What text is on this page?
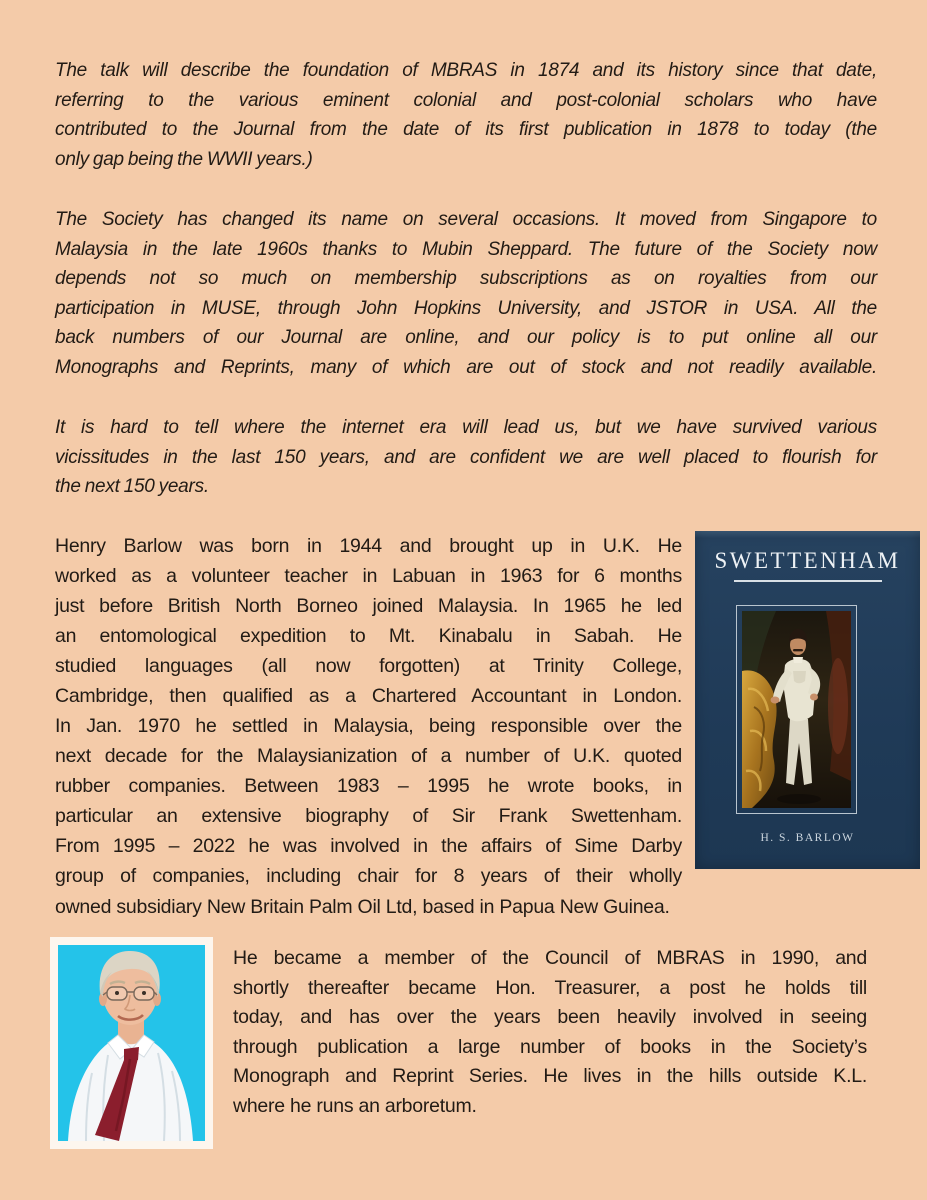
The talk will describe the foundation of MBRAS in 1874 and its history since that date,
referring to the various eminent colonial and post-colonial scholars who have
contributed to the Journal from the date of its first publication in 1878 to today (the
only gap being the WWII years.)
The Society has changed its name on several occasions. It moved from Singapore to
Malaysia in the late 1960s thanks to Mubin Sheppard. The future of the Society now
depends not so much on membership subscriptions as on royalties from our
participation in MUSE, through John Hopkins University, and JSTOR in USA. All the
back numbers of our Journal are online, and our policy is to put online all our
Monographs and Reprints, many of which are out of stock and not readily available.
It is hard to tell where the internet era will lead us, but we have survived various
vicissitudes in the last 150 years, and are confident we are well placed to flourish for
the next 150 years.
Henry Barlow was born in 1944 and brought up in U.K. He
worked as a volunteer teacher in Labuan in 1963 for 6 months
just before British North Borneo joined Malaysia. In 1965 he led
an entomological expedition to Mt. Kinabalu in Sabah. He
studied languages (all now forgotten) at Trinity College,
Cambridge, then qualified as a Chartered Accountant in London.
In Jan. 1970 he settled in Malaysia, being responsible over the
next decade for the Malaysianization of a number of U.K. quoted
rubber companies. Between 1983 – 1995 he wrote books, in
particular an extensive biography of Sir Frank Swettenham.
From 1995 – 2022 he was involved in the affairs of Sime Darby
group of companies, including chair for 8 years of their wholly
owned subsidiary New Britain Palm Oil Ltd, based in Papua New Guinea.
SWETTENHAM
H. S. BARLOW
He became a member of the Council of MBRAS in 1990, and
shortly thereafter became Hon. Treasurer, a post he holds till
today, and has over the years been heavily involved in seeing
through publication a large number of books in the Society’s
Monograph and Reprint Series. He lives in the hills outside K.L.
where he runs an arboretum.
